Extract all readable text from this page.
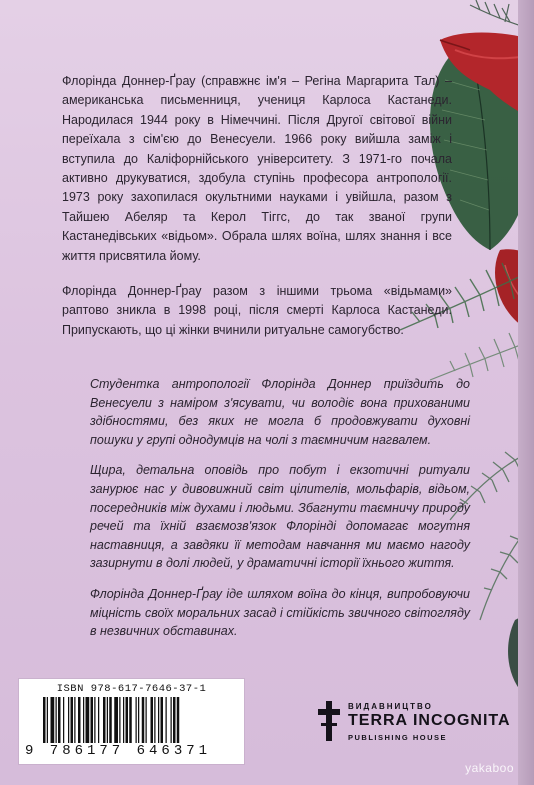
Флорінда Доннер-Ґрау (справжнє ім'я – Регіна Маргарита Тал) – американська письменниця, учениця Карлоса Кастанеди. Народилася 1944 року в Німеччині. Після Другої світової війни переїхала з сім'єю до Венесуели. 1966 року вийшла заміж і вступила до Каліфорнійського університету. З 1971-го почала активно друкуватися, здобула ступінь професора антропології. 1973 року захопилася окультними науками і увійшла, разом з Тайшею Абеляр та Керол Тіггс, до так званої групи Кастанедівських «відьом». Обрала шлях воїна, шлях знання і все життя присвятила йому.

Флорінда Доннер-Ґрау разом з іншими трьома «відьмами» раптово зникла в 1998 році, після смерті Карлоса Кастанеди. Припускають, що ці жінки вчинили ритуальне самогубство.

Студентка антропології Флорінда Доннер приїздить до Венесуели з наміром з'ясувати, чи володіє вона прихованими здібностями, без яких не могла б продовжувати духовні пошуки у групі однодумців на чолі з таємничим нагвалем.

Щира, детальна оповідь про побут і екзотичні ритуали занурює нас у дивовижний світ цілителів, мольфарів, відьом, посередників між духами і людьми. Збагнути таємничу природу речей та їхній взаємозв'язок Флорінді допомагає могутня наставниця, а завдяки її методам навчання ми маємо нагоду зазирнути в долі людей, у драматичні історії їхнього життя.

Флорінда Доннер-Ґрау іде шляхом воїна до кінця, випробовуючи міцність своїх моральних засад і стійкість звичного світогляду в незвичних обставинах.

ISBN 978-617-7646-37-1
9 786177 646371
ВИДАВНИЦТВО
TERRA INCOGNITA
PUBLISHING HOUSE
yakaboo
